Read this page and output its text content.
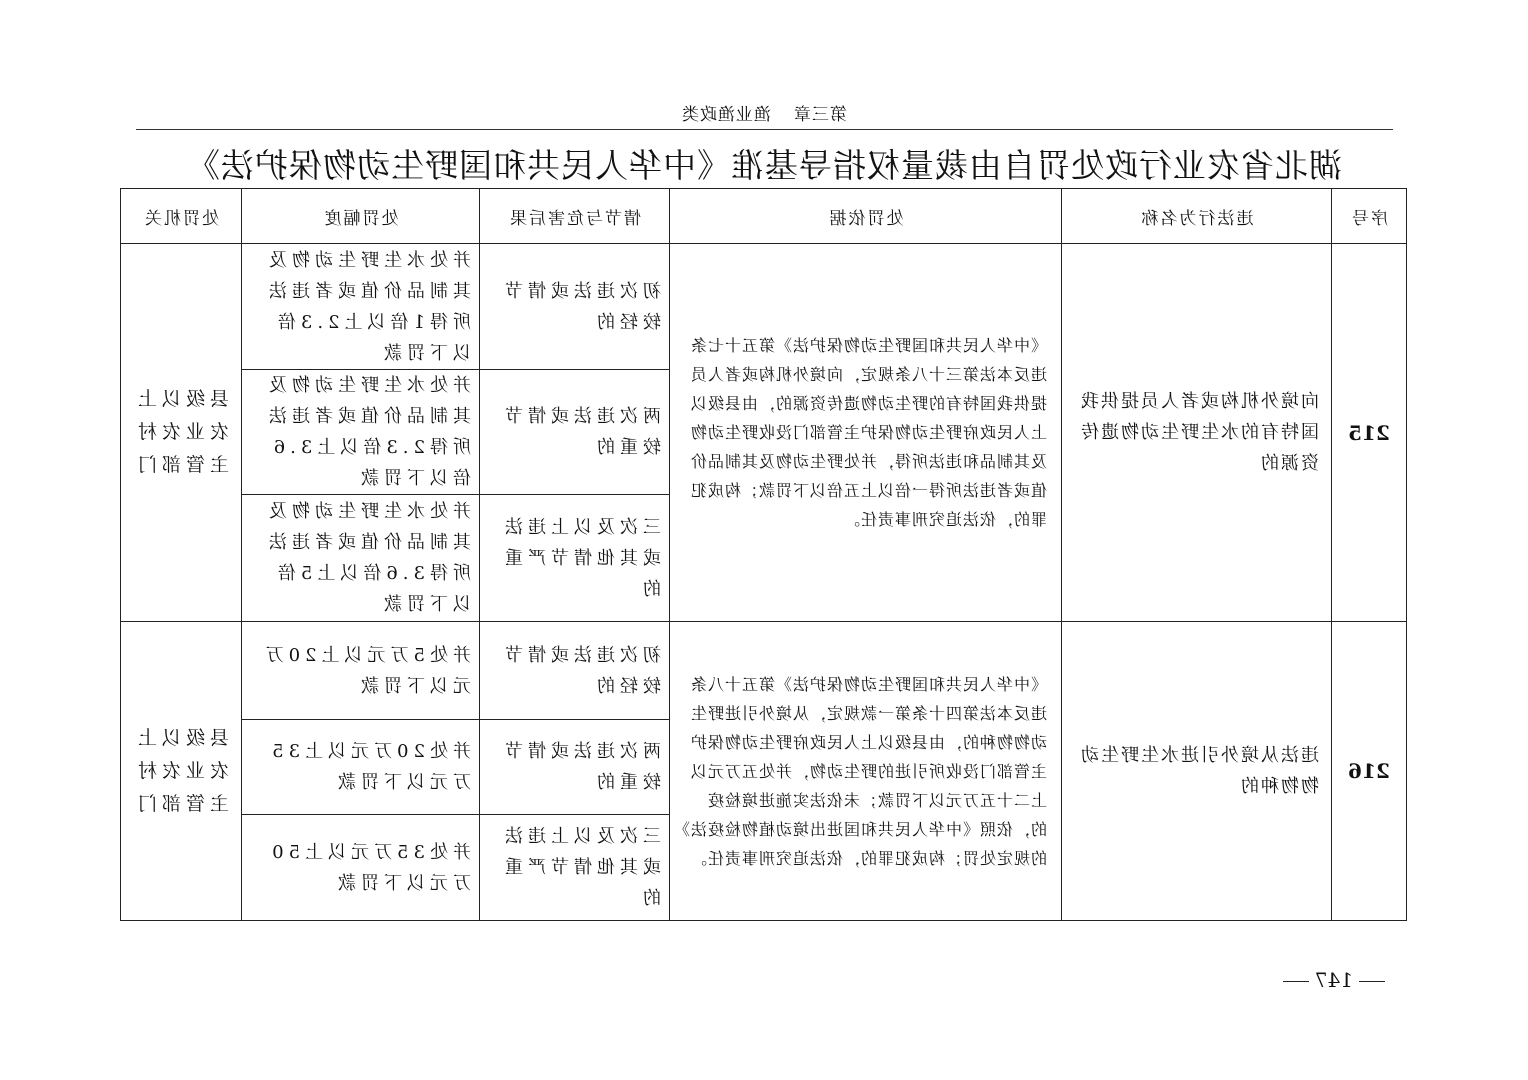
第三章渔业渔政类
湖北省农业行政处罚自由裁量权指导基准《中华人民共和国野生动物保护法》
序号	违法行为名称	处罚依据	情节与危害后果	处罚幅度	处罚机关
215	向境外机构或者人员提供我国特有的水生野生动物遗传资源的	《中华人民共和国野生动物保护法》第五十七条 违反本法第三十八条规定，向境外机构或者人员提供我国特有的野生动物遗传资源的，由县级以上人民政府野生动物保护主管部门没收野生动物及其制品和违法所得，并处野生动物及其制品价值或者违法所得一倍以上五倍以下罚款；构成犯罪的，依法追究刑事责任。	初次违法或情节较轻的	并处水生野生动物及其制品价值或者违法所得1倍以上2.3倍以下罚款	县级以上农业农村主管部门
			两次违法或情节较重的	并处水生野生动物及其制品价值或者违法所得2.3倍以上3.6倍以下罚款	
			三次及以上违法或其他情节严重的	并处水生野生动物及其制品价值或者违法所得3.6倍以上5倍以下罚款	
216	违法从境外引进水生野生动物物种的	《中华人民共和国野生动物保护法》第五十八条 违反本法第四十条第一款规定，从境外引进野生动物物种的，由县级以上人民政府野生动物保护主管部门没收所引进的野生动物，并处五万元以上二十五万元以下罚款；未依法实施进境检疫的，依照《中华人民共和国进出境动植物检疫法》的规定处罚；构成犯罪的，依法追究刑事责任。	初次违法或情节较轻的	并处5万元以上20万元以下罚款	县级以上农业农村主管部门
			两次违法或情节较重的	并处20万元以上35万元以下罚款	
			三次及以上违法或其他情节严重的	并处35万元以上50万元以下罚款	
147
